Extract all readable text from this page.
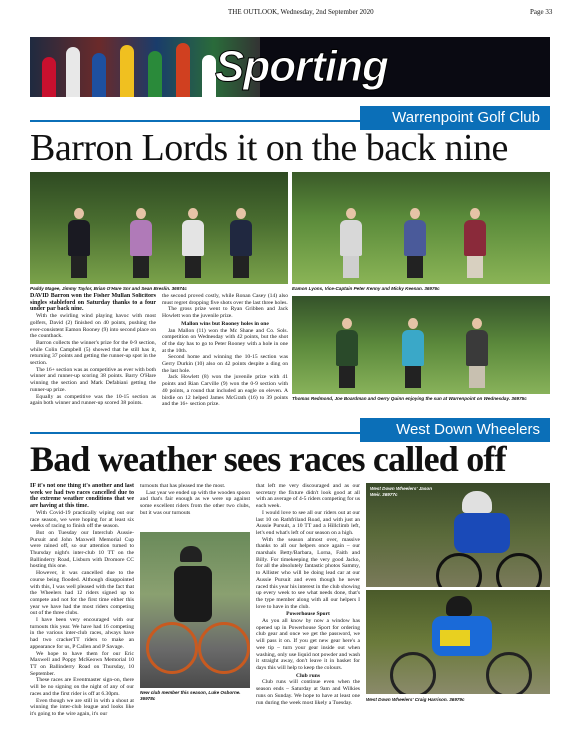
THE OUTLOOK, Wednesday, 2nd September 2020	Page 33
Sporting
Warrenpoint Golf Club
Barron Lords it on the back nine
Paddy Magee, Jimmy Taylor, Brian O'Hare Snr and Sean Breslin. 36974c	Eamon Lyons, Vice-Captain Peter Kenny and Micky Keenan. 36976c

DAVID Barron won the Fisher Mullan Solicitors singles stableford on Saturday thanks to a four under par back nine.

With the swirling wind playing havoc with most golfers, David (2) finished on 40 points, pushing the ever-consistent Eamon Rooney (9) into second place on the countback.

Barron collects the winner's prize for the 0-9 section, while Colin Campbell (5) showed that he still has it, returning 37 points and getting the runner-up spot in the section.

The 16+ section was as competitive as ever with both winner and runner-up scoring 38 points. Barry O'Hare winning the section and Mark Defabiani getting the runner-up prize.

Equally as competitive was the 10-15 section as again both winner and runner-up scored 38 points.

the second proved costly, while Ronan Casey (14) also must regret dropping five shots over the last three holes.

The gross prize went to Ryan Gribben and Jack Howlett won the juvenile prize.

Mallon wins but Rooney holes in one

Jan Mallon (11) won the Mc Shane and Co. Sols. competition on Wednesday with 42 points, but the shot of the day has to go to Peter Rooney with a hole in one at the 10th.

Second home and winning the 10-15 section was Gerry Durkin (10) also on 42 points despite a ding on the last hole.

Jack Howlett (8) won the juvenile prize with 41 points and Rian Carville (9) won the 0-9 section with 40 points, a round that included an eagle on eleven. A birdie on 12 helped James McGrath (16) to 39 points and the 16+ section prize.

Thomas Redmond, Joe Boardman and Gerry Quinn enjoying the sun at Warrenpoint on Wednesday. 36975c
West Down Wheelers
Bad weather sees races called off

IF it's not one thing it's another and last week we had two races cancelled due to the extreme weather conditions that we are having at this time.

With Covid-19 practically wiping out our race season, we were hoping for at least six weeks of racing to finish off the season.

But on Tuesday our Interclub Aussie-Pursuit and John Maxwell Memorial Cup were rained off, so our attention turned to Thursday night's inter-club 10 TT on the Ballinderry Road, Lisburn with Dromore CC hosting this one.

However, it was cancelled due to the course being flooded. Although disappointed with this, I was well pleased with the fact that the Wheelers had 12 riders signed up to compete and not for the first time either this year we have had the most riders competing out of the three clubs.

I have been very encouraged with our turnouts this year. We have had 16 competing in the various inter-club races, always have had two crackerTT riders to make an appearance for us, P Callen and P Savage.

We hope to have them for our Eric Maxwell and Poppy McKeown Memorial 10 TT on Ballinderry Road on Thursday, 10 September.

These races are Eventmaster sign-on, there will be no signing on the night of any of our races and the first rider is off at 6.30pm.

Even though we are still in with a shout at winning the inter-club league and looks like it's going to the wire again, it's our

turnouts that has pleased me the most.

Last year we ended up with the wooden spoon and that's fair enough as we were up against some excellent riders from the other two clubs, but it was our turnouts

New club member this season, Luke Osborne. 36978c

that left me very discouraged and as our secretary the fixture didn't look good at all with an average of 4-5 riders competing for us each week.

I would love to see all our riders out at our last 10 on Rathfriland Road, and with just an Aussie Pursuit, a 10 TT and a Hillclimb left, let's end what's left of our season on a high.

With the season almost over, massive thanks to all our helpers once again – our marshals Betty/Barbara, Lorna, Faith and Billy. For timekeeping the very good Jacko, for all the absolutely fantastic photos Sammy, to Allister who will be doing lead car at our Aussie Pursuit and even though he never raced this year his interest in the club showing up every week to see what needs done, that's the type member along with all our helpers I love to have in the club.

Powerhouse Sport

As you all know by now a window has opened up in Powerhouse Sport for ordering club gear and once we get the password, we will pass it on. If you get new gear here's a wee tip – turn your gear inside out when washing, only use liquid not powder and wash it straight away, don't leave it in basket for days this will help to keep the colours.

Club runs

Club runs will continue even when the season ends – Saturday at 9am and Wilkies runs on Sunday. We hope to have at least one run during the week most likely a Tuesday.

West Down Wheelers' Jason Weir. 36977c
West Down Wheelers' Craig Harrison. 36979c
